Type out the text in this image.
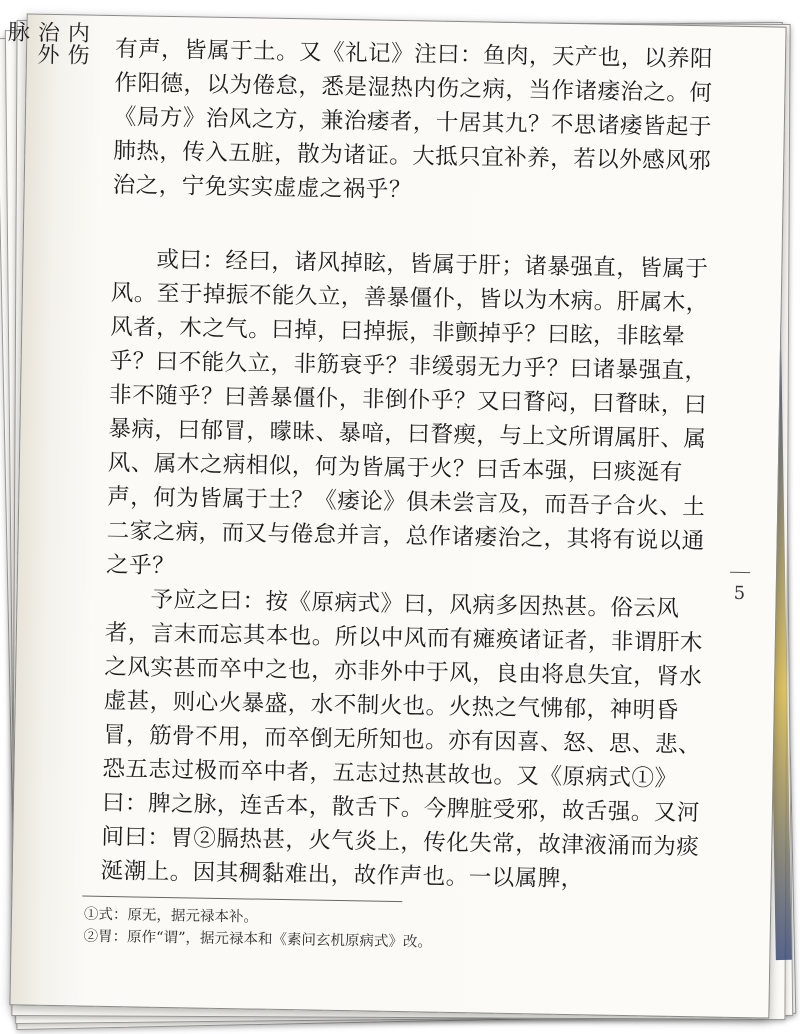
内伤
治外
脉

有声，皆属于土。又《礼记》注曰：鱼肉，天产也，以养阳作阳德，以为倦怠，悉是湿热内伤之病，当作诸痿治之。何《局方》治风之方，兼治痿者，十居其九？不思诸痿皆起于肺热，传入五脏，散为诸证。大抵只宜补养，若以外感风邪治之，宁免实实虚虚之祸乎？

或曰：经曰，诸风掉眩，皆属于肝；诸暴强直，皆属于风。至于掉振不能久立，善暴僵仆，皆以为木病。肝属木，风者，木之气。曰掉，曰掉振，非颤掉乎？曰眩，非眩晕乎？曰不能久立，非筋衰乎？非缓弱无力乎？曰诸暴强直，非不随乎？曰善暴僵仆，非倒仆乎？又曰瞀闷，曰瞀昧，曰暴病，曰郁冒，曚昧、暴喑，曰瞀瘈，与上文所谓属肝、属风、属木之病相似，何为皆属于火？曰舌本强，曰痰涎有声，何为皆属于土？《痿论》俱未尝言及，而吾子合火、土二家之病，而又与倦怠并言，总作诸痿治之，其将有说以通之乎？

予应之曰：按《原病式》曰，风病多因热甚。俗云风者，言末而忘其本也。所以中风而有瘫痪诸证者，非谓肝木之风实甚而卒中之也，亦非外中于风，良由将息失宜，肾水虚甚，则心火暴盛，水不制火也。火热之气怫郁，神明昏冒，筋骨不用，而卒倒无所知也。亦有因喜、怒、思、悲、恐五志过极而卒中者，五志过热甚故也。又《原病式①》曰：脾之脉，连舌本，散舌下。今脾脏受邪，故舌强。又河间曰：胃②膈热甚，火气炎上，传化失常，故津液涌而为痰涎潮上。因其稠黏难出，故作声也。一以属脾，

5
①式：原无，据元禄本补。
②胃：原作“谓”，据元禄本和《素问玄机原病式》改。
